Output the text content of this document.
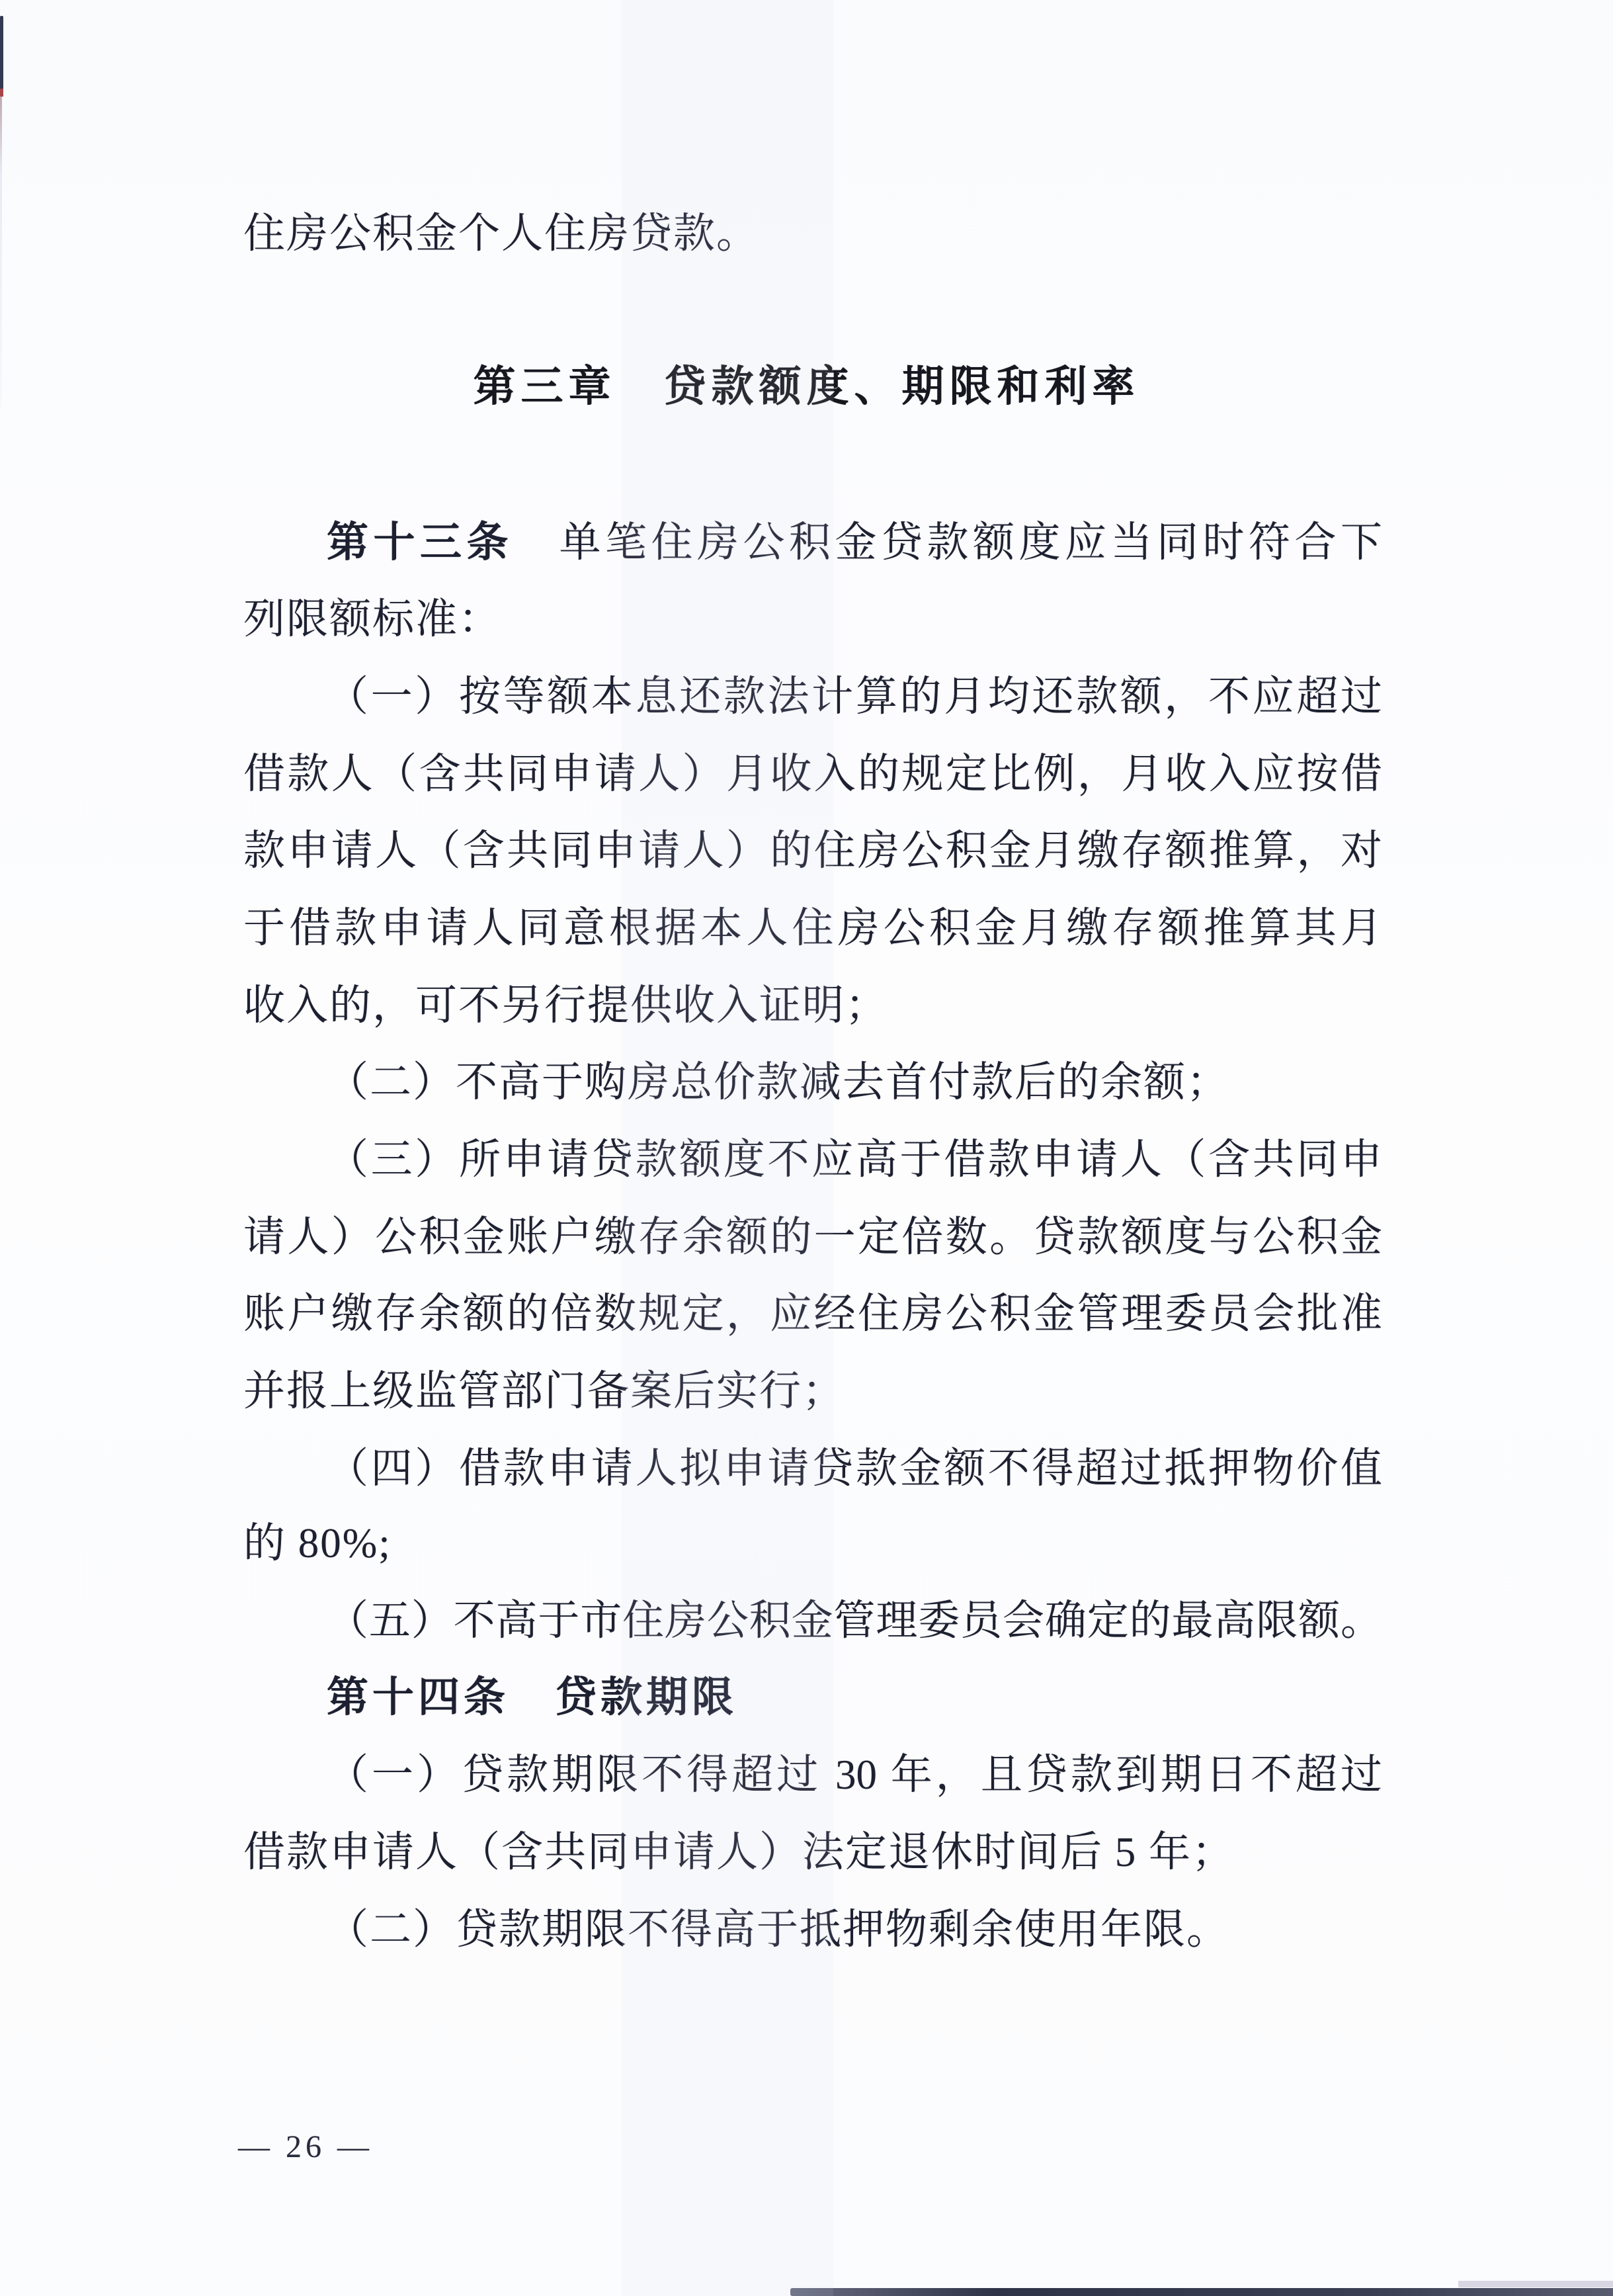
住房公积金个人住房贷款。
第三章　贷款额度、期限和利率
第十三条　单笔住房公积金贷款额度应当同时符合下
列限额标准：
（一）按等额本息还款法计算的月均还款额，不应超过
借款人（含共同申请人）月收入的规定比例，月收入应按借
款申请人（含共同申请人）的住房公积金月缴存额推算，对
于借款申请人同意根据本人住房公积金月缴存额推算其月
收入的，可不另行提供收入证明；
（二）不高于购房总价款减去首付款后的余额；
（三）所申请贷款额度不应高于借款申请人（含共同申
请人）公积金账户缴存余额的一定倍数。贷款额度与公积金
账户缴存余额的倍数规定，应经住房公积金管理委员会批准
并报上级监管部门备案后实行；
（四）借款申请人拟申请贷款金额不得超过抵押物价值
的 80%;
（五）不高于市住房公积金管理委员会确定的最高限额。
第十四条　贷款期限
（一）贷款期限不得超过 30 年，且贷款到期日不超过
借款申请人（含共同申请人）法定退休时间后 5 年；
（二）贷款期限不得高于抵押物剩余使用年限。
— 26 —
